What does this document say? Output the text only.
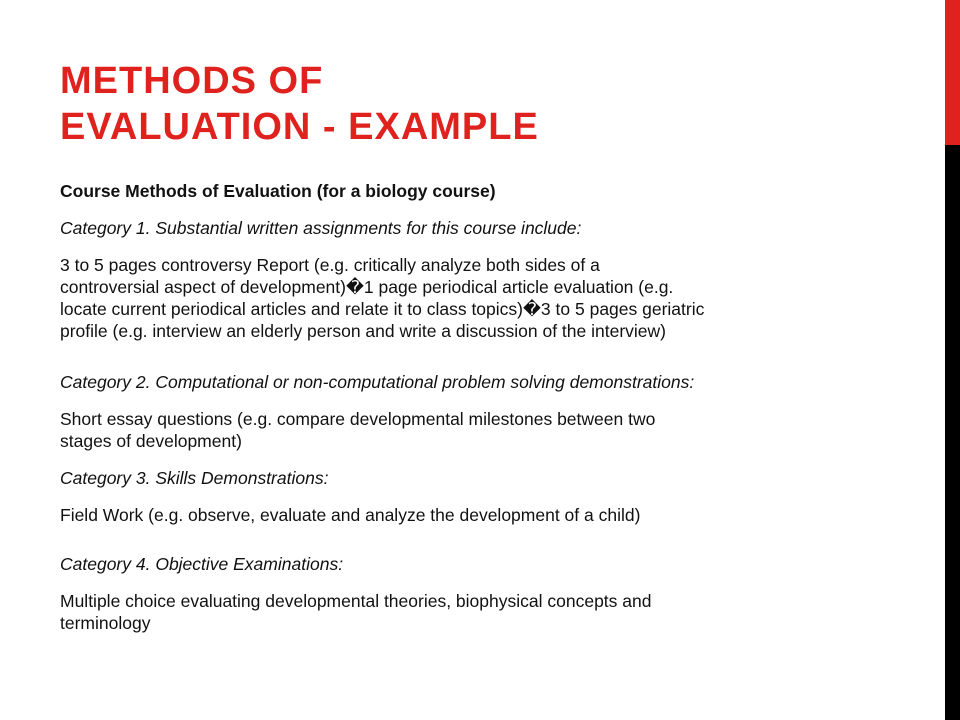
METHODS OF
EVALUATION - EXAMPLE

Course Methods of Evaluation (for a biology course)

Category 1. Substantial written assignments for this course include:

3 to 5 pages controversy Report (e.g. critically analyze both sides of a
controversial aspect of development)�1 page periodical article evaluation (e.g.
locate current periodical articles and relate it to class topics)�3 to 5 pages geriatric
profile (e.g. interview an elderly person and write a discussion of the interview)

Category 2. Computational or non-computational problem solving demonstrations:

Short essay questions (e.g. compare developmental milestones between two
stages of development)

Category 3. Skills Demonstrations:

Field Work (e.g. observe, evaluate and analyze the development of a child)

Category 4. Objective Examinations:

Multiple choice evaluating developmental theories, biophysical concepts and
terminology
